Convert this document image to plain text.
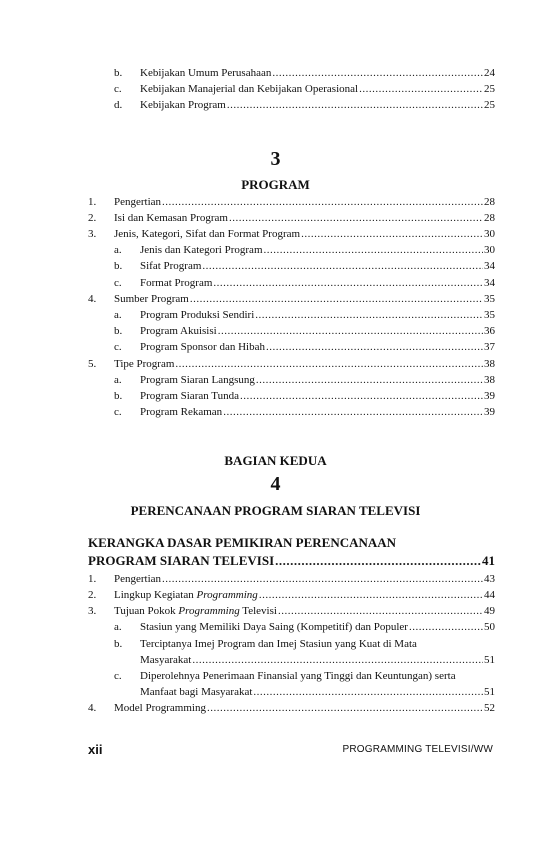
b.	Kebijakan Umum Perusahaan .....	24
c.	Kebijakan Manajerial dan Kebijakan Operasional .....	25
d.	Kebijakan Program .....	25
3
PROGRAM
1.	Pengertian .....	28
2.	Isi dan Kemasan Program .....	28
3.	Jenis, Kategori, Sifat dan Format Program .....	30
a.	Jenis dan Kategori Program .....	30
b.	Sifat Program .....	34
c.	Format Program .....	34
4.	Sumber Program .....	35
a.	Program Produksi Sendiri .....	35
b.	Program Akuisisi .....	36
c.	Program Sponsor dan Hibah .....	37
5.	Tipe Program .....	38
a.	Program Siaran Langsung .....	38
b.	Program Siaran Tunda .....	39
c.	Program Rekaman .....	39
BAGIAN KEDUA
4
PERENCANAAN PROGRAM SIARAN TELEVISI
KERANGKA DASAR PEMIKIRAN PERENCANAAN
PROGRAM SIARAN TELEVISI .....	41
1.	Pengertian .....	43
2.	Lingkup Kegiatan Programming .....	44
3.	Tujuan Pokok Programming Televisi .....	49
a.	Stasiun yang Memiliki Daya Saing (Kompetitif) dan Populer .....	50
b.	Terciptanya Imej Program dan Imej Stasiun yang Kuat di Mata
Masyarakat .....	51
c.	Diperolehnya Penerimaan Finansial yang Tinggi dan Keuntungan) serta
Manfaat bagi Masyarakat .....	51
4.	Model Programming .....	52
xii	PROGRAMMING TELEVISI/WW
